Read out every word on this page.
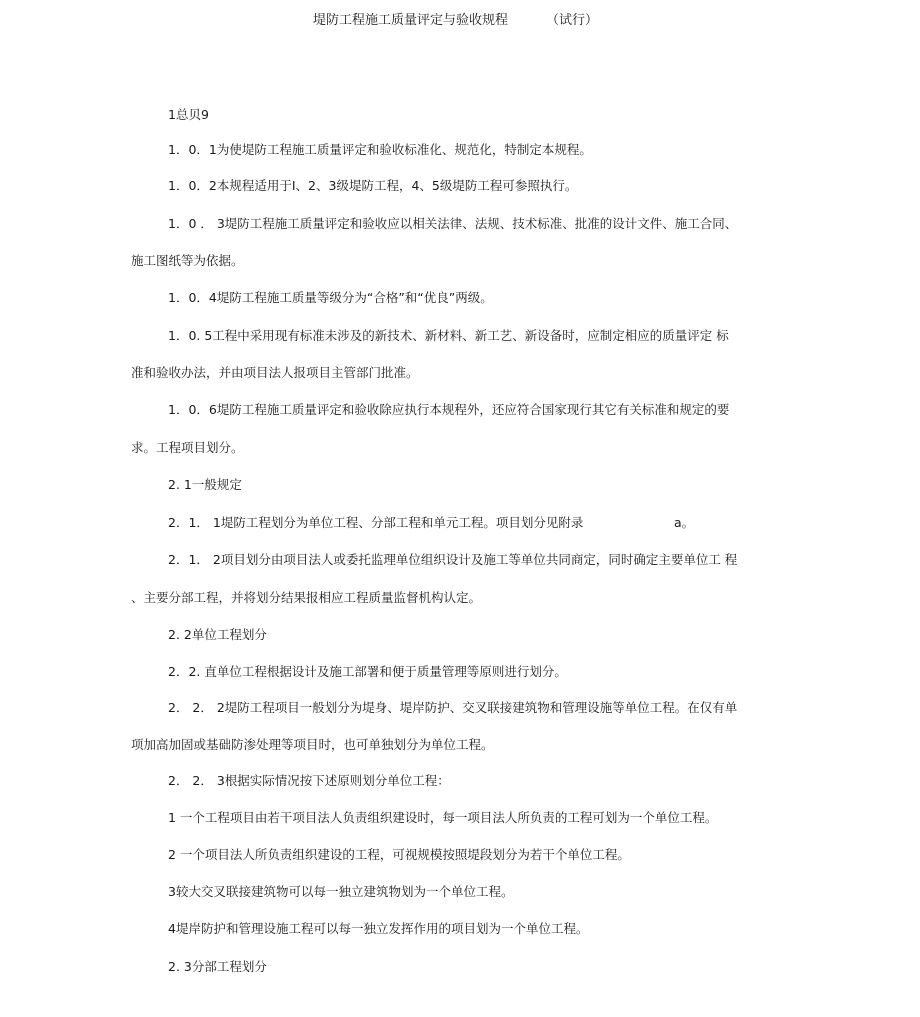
堤防工程施工质量评定与验收规程	（试行）
1总贝9
1．0．1为使堤防工程施工质量评定和验收标准化、规范化，特制定本规程。
1．0．2本规程适用于I、2、3级堤防工程，4、5级堤防工程可参照执行。
1．0 ． 3堤防工程施工质量评定和验收应以相关法律、法规、技术标准、批准的设计文件、施工合同、
施工图纸等为依据。
1．0．4堤防工程施工质量等级分为“合格”和“优良”两级。
1．0. 5工程中采用现有标准未涉及的新技术、新材料、新工艺、新设备时，应制定相应的质量评定 标
准和验收办法，并由项目法人报项目主管部门批准。
1．0．6堤防工程施工质量评定和验收除应执行本规程外，还应符合国家现行其它有关标准和规定的要
求。工程项目划分。
2. 1一般规定
2．1． 1堤防工程划分为单位工程、分部工程和单元工程。项目划分见附录	a。
2．1． 2项目划分由项目法人或委托监理单位组织设计及施工等单位共同商定，同时确定主要单位工 程
、主要分部工程，并将划分结果报相应工程质量监督机构认定。
2. 2单位工程划分
2．2. 直单位工程根据设计及施工部署和便于质量管理等原则进行划分。
2． 2． 2堤防工程项目一般划分为堤身、堤岸防护、交叉联接建筑物和管理设施等单位工程。在仅有单
项加高加固或基础防渗处理等项目时，也可单独划分为单位工程。
2． 2． 3根据实际情况按下述原则划分单位工程：
1 一个工程项目由若干项目法人负责组织建设时，每一项目法人所负责的工程可划为一个单位工程。
2 一个项目法人所负责组织建设的工程，可视规模按照堤段划分为若干个单位工程。
3较大交叉联接建筑物可以每一独立建筑物划为一个单位工程。
4堤岸防护和管理设施工程可以每一独立发挥作用的项目划为一个单位工程。
2. 3分部工程划分
